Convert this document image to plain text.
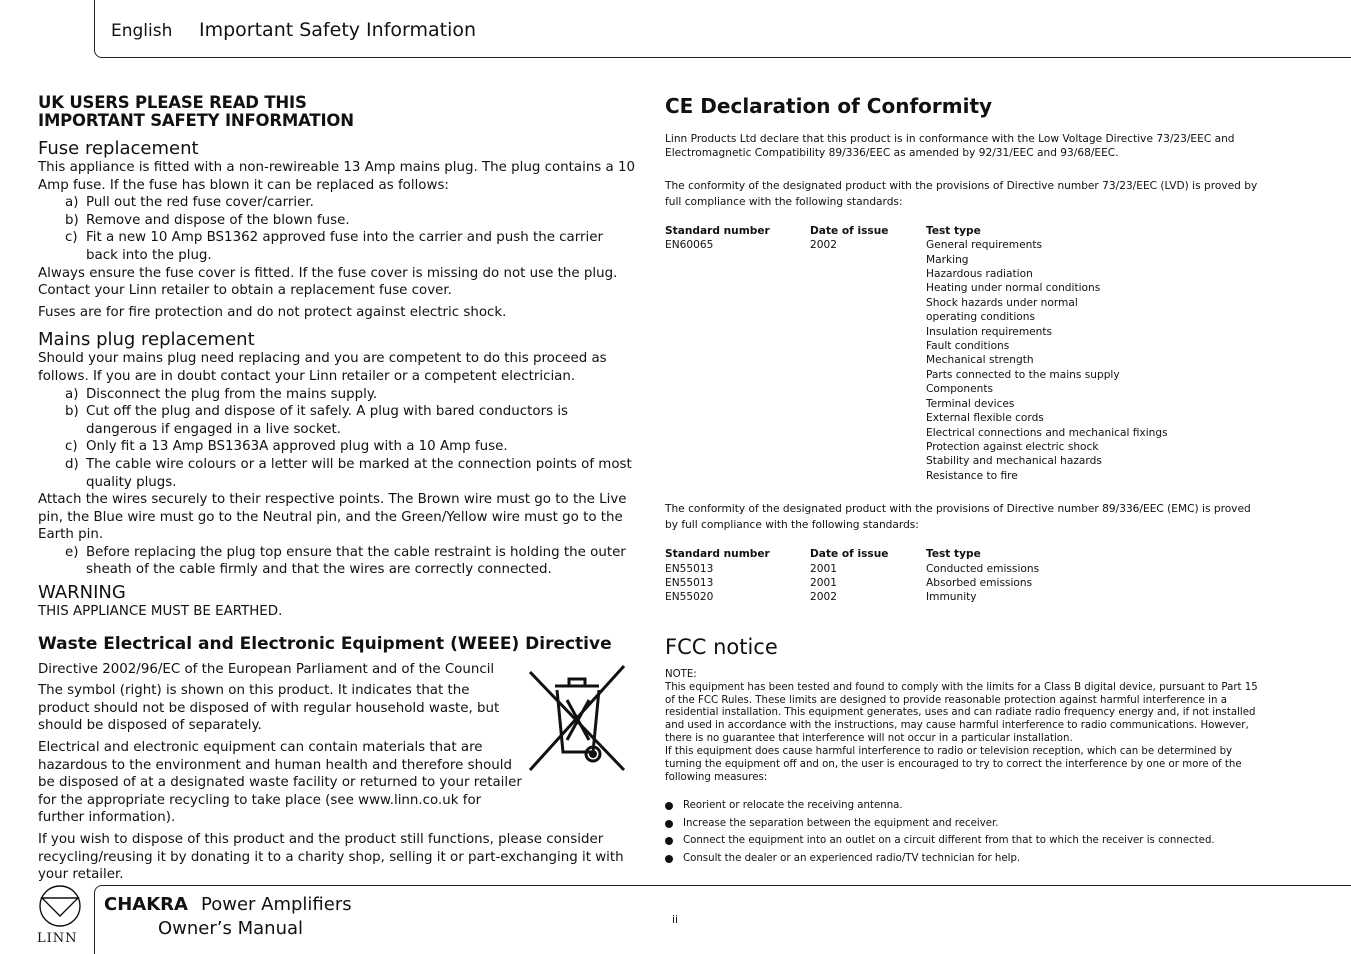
English Important Safety Information
UK USERS PLEASE READ THIS
IMPORTANT SAFETY INFORMATION
Fuse replacement
This appliance is fitted with a non-rewireable 13 Amp mains plug. The plug contains a 10 Amp fuse. If the fuse has blown it can be replaced as follows:
a) Pull out the red fuse cover/carrier.
b) Remove and dispose of the blown fuse.
c) Fit a new 10 Amp BS1362 approved fuse into the carrier and push the carrier back into the plug.
Always ensure the fuse cover is fitted. If the fuse cover is missing do not use the plug. Contact your Linn retailer to obtain a replacement fuse cover.
Fuses are for fire protection and do not protect against electric shock.
Mains plug replacement
Should your mains plug need replacing and you are competent to do this proceed as follows. If you are in doubt contact your Linn retailer or a competent electrician.
a) Disconnect the plug from the mains supply.
b) Cut off the plug and dispose of it safely. A plug with bared conductors is dangerous if engaged in a live socket.
c) Only fit a 13 Amp BS1363A approved plug with a 10 Amp fuse.
d) The cable wire colours or a letter will be marked at the connection points of most quality plugs.
Attach the wires securely to their respective points. The Brown wire must go to the Live pin, the Blue wire must go to the Neutral pin, and the Green/Yellow wire must go to the Earth pin.
e) Before replacing the plug top ensure that the cable restraint is holding the outer sheath of the cable firmly and that the wires are correctly connected.
WARNING
THIS APPLIANCE MUST BE EARTHED.
Waste Electrical and Electronic Equipment (WEEE) Directive
Directive 2002/96/EC of the European Parliament and of the Council
The symbol (right) is shown on this product. It indicates that the product should not be disposed of with regular household waste, but should be disposed of separately.
Electrical and electronic equipment can contain materials that are hazardous to the environment and human health and therefore should be disposed of at a designated waste facility or returned to your retailer for the appropriate recycling to take place (see www.linn.co.uk for further information).
If you wish to dispose of this product and the product still functions, please consider recycling/reusing it by donating it to a charity shop, selling it or part-exchanging it with your retailer.
CE Declaration of Conformity
Linn Products Ltd declare that this product is in conformance with the Low Voltage Directive 73/23/EEC and Electromagnetic Compatibility 89/336/EEC as amended by 92/31/EEC and 93/68/EEC.
The conformity of the designated product with the provisions of Directive number 73/23/EEC (LVD) is proved by full compliance with the following standards:
Standard number	Date of issue	Test type
EN60065	2002	General requirements
Marking
Hazardous radiation
Heating under normal conditions
Shock hazards under normal
operating conditions
Insulation requirements
Fault conditions
Mechanical strength
Parts connected to the mains supply
Components
Terminal devices
External flexible cords
Electrical connections and mechanical fixings
Protection against electric shock
Stability and mechanical hazards
Resistance to fire
The conformity of the designated product with the provisions of Directive number 89/336/EEC (EMC) is proved by full compliance with the following standards:
Standard number	Date of issue	Test type
EN55013	2001	Conducted emissions
EN55013	2001	Absorbed emissions
EN55020	2002	Immunity
FCC notice
NOTE:
This equipment has been tested and found to comply with the limits for a Class B digital device, pursuant to Part 15 of the FCC Rules. These limits are designed to provide reasonable protection against harmful interference in a residential installation. This equipment generates, uses and can radiate radio frequency energy and, if not installed and used in accordance with the instructions, may cause harmful interference to radio communications. However, there is no guarantee that interference will not occur in a particular installation.
If this equipment does cause harmful interference to radio or television reception, which can be determined by turning the equipment off and on, the user is encouraged to try to correct the interference by one or more of the following measures:
Reorient or relocate the receiving antenna.
Increase the separation between the equipment and receiver.
Connect the equipment into an outlet on a circuit different from that to which the receiver is connected.
Consult the dealer or an experienced radio/TV technician for help.
LINN
CHAKRA Power Amplifiers
Owner’s Manual	ii
